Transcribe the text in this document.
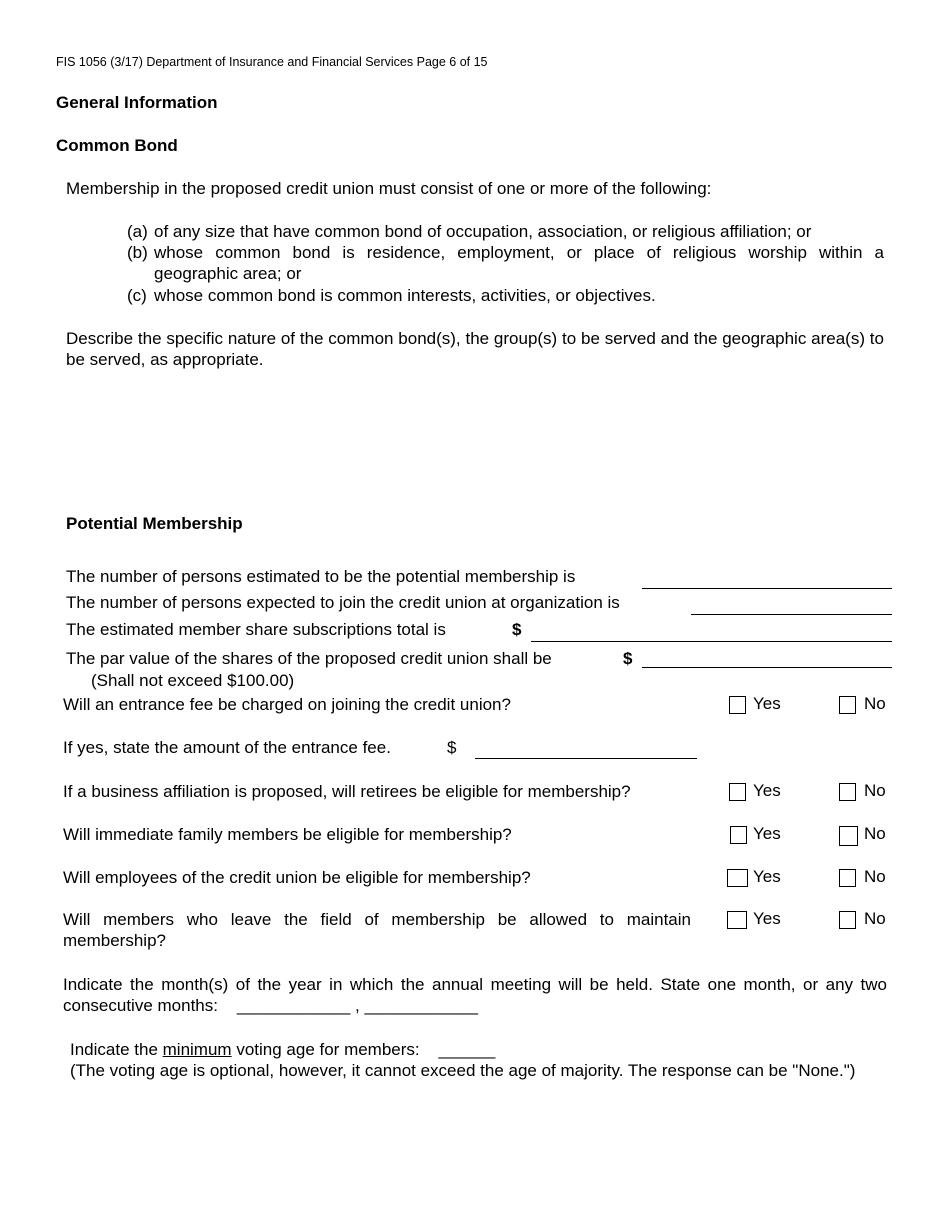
FIS 1056 (3/17) Department of Insurance and Financial Services Page 6 of 15
General Information
Common Bond
Membership in the proposed credit union must consist of one or more of the following:
(a) of any size that have common bond of occupation, association, or religious affiliation; or
(b) whose common bond is residence, employment, or place of religious worship within a geographic area; or
(c) whose common bond is common interests, activities, or objectives.
Describe the specific nature of the common bond(s), the group(s) to be served and the geographic area(s) to be served, as appropriate.
Potential Membership
The number of persons estimated to be the potential membership is
The number of persons expected to join the credit union at organization is
The estimated member share subscriptions total is	$
The par value of the shares of the proposed credit union shall be	$
(Shall not exceed $100.00)
Will an entrance fee be charged on joining the credit union?	Yes	No
If yes, state the amount of the entrance fee.	$
If a business affiliation is proposed, will retirees be eligible for membership?	Yes	No
Will immediate family members be eligible for membership?	Yes	No
Will employees of the credit union be eligible for membership?	Yes	No
Will members who leave the field of membership be allowed to maintain membership?
Yes	No
Indicate the month(s) of the year in which the annual meeting will be held. State one month, or any two consecutive months: ____________ , ____________
Indicate the minimum voting age for members: ______
(The voting age is optional, however, it cannot exceed the age of majority. The response can be "None.")
